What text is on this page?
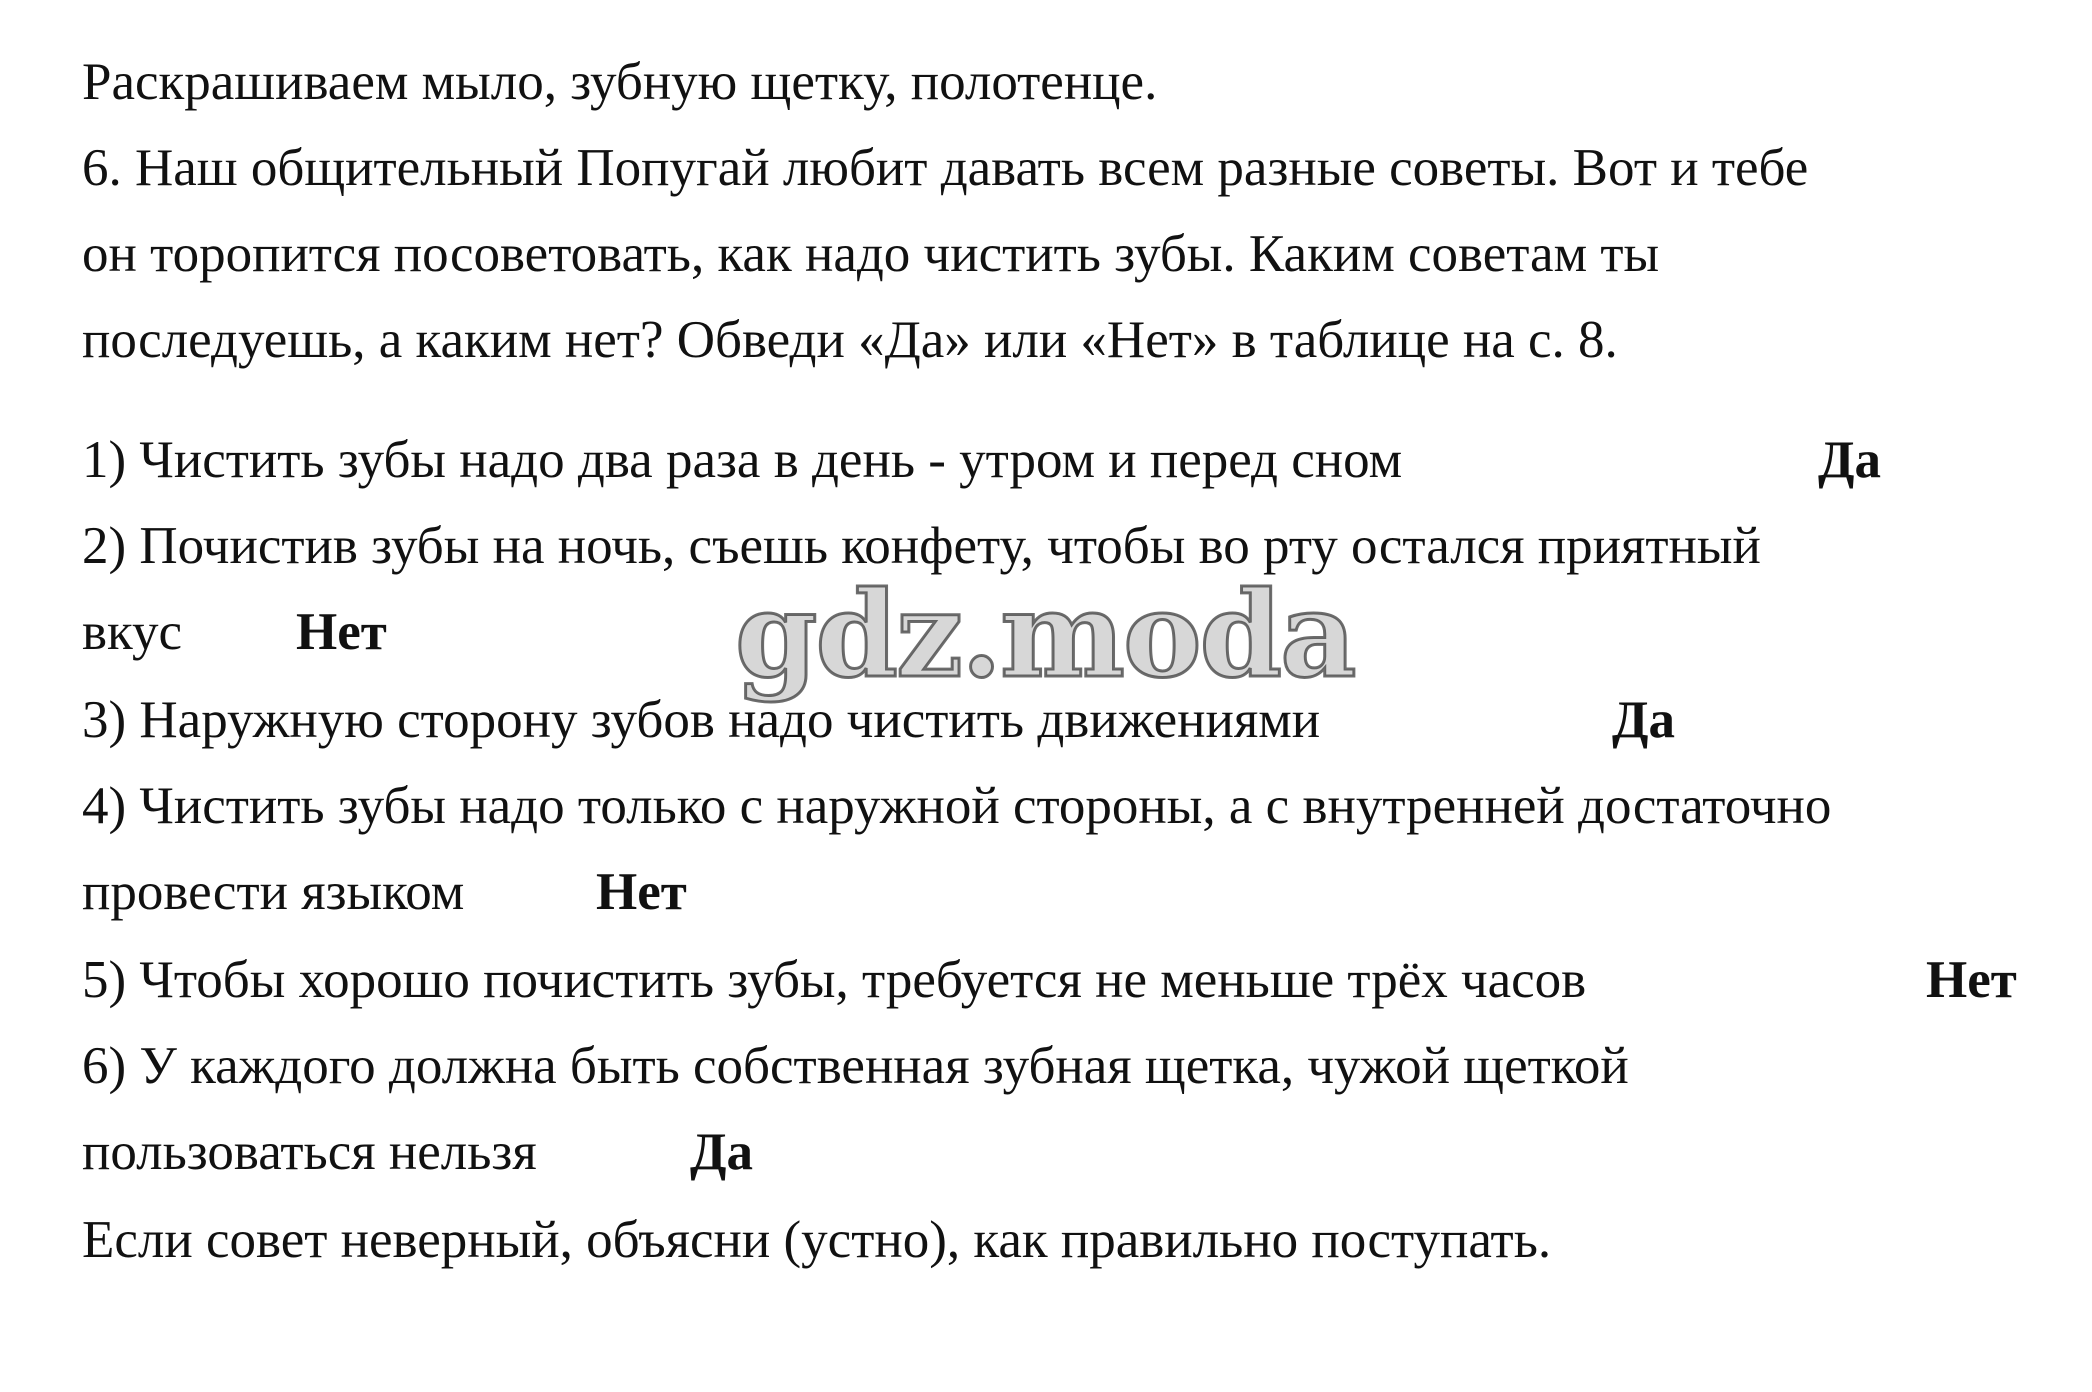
Раскрашиваем мыло, зубную щетку, полотенце.
6. Наш общительный Попугай любит давать всем разные советы. Вот и тебе
он торопится посоветовать, как надо чистить зубы. Каким советам ты
последуешь, а каким нет? Обведи «Да» или «Нет» в таблице на с. 8.
1) Чистить зубы надо два раза в день - утром и перед сном	Да
2) Почистив зубы на ночь, съешь конфету, чтобы во рту остался приятный
вкус Нет
3) Наружную сторону зубов надо чистить движениями	Да
4) Чистить зубы надо только с наружной стороны, а с внутренней достаточно
провести языком Нет
5) Чтобы хорошо почистить зубы, требуется не меньше трёх часов	Нет
6) У каждого должна быть собственная зубная щетка, чужой щеткой
пользоваться нельзя	Да
Если совет неверный, объясни (устно), как правильно поступать.
gdz.moda
